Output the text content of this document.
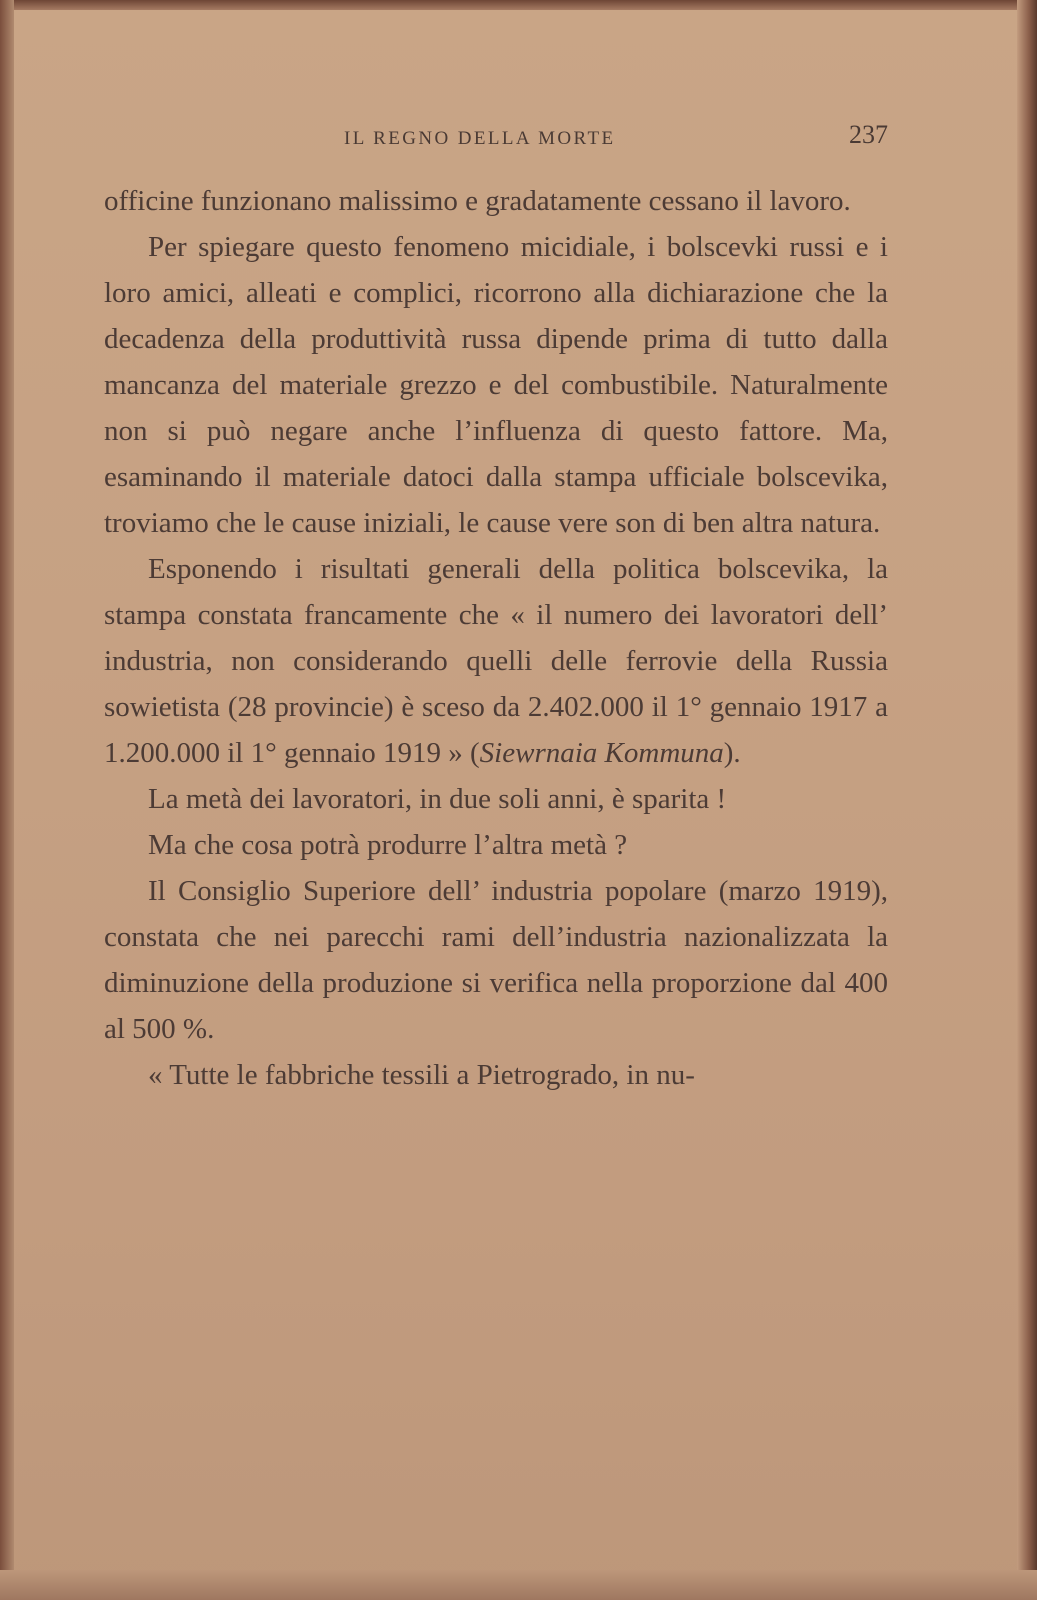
IL REGNO DELLA MORTE	237

officine funzionano malissimo e gradatamente cessano il lavoro.

Per spiegare questo fenomeno micidiale, i bolscevki russi e i loro amici, alleati e complici, ricorrono alla dichiarazione che la decadenza della produttività russa dipende prima di tutto dalla mancanza del materiale grezzo e del combustibile. Naturalmente non si può negare anche l’influenza di questo fattore. Ma, esaminando il materiale datoci dalla stampa ufficiale bolscevika, troviamo che le cause iniziali, le cause vere son di ben altra natura.

Esponendo i risultati generali della politica bolscevika, la stampa constata francamente che « il numero dei lavoratori dell’ industria, non considerando quelli delle ferrovie della Russia sowietista (28 provincie) è sceso da 2.402.000 il 1° gennaio 1917 a 1.200.000 il 1° gennaio 1919 » (Siewrnaia Kommuna).

La metà dei lavoratori, in due soli anni, è sparita !

Ma che cosa potrà produrre l’altra metà ?

Il Consiglio Superiore dell’ industria popolare (marzo 1919), constata che nei parecchi rami dell’industria nazionalizzata la diminuzione della produzione si verifica nella proporzione dal 400 al 500 %.

« Tutte le fabbriche tessili a Pietrogrado, in nu-
